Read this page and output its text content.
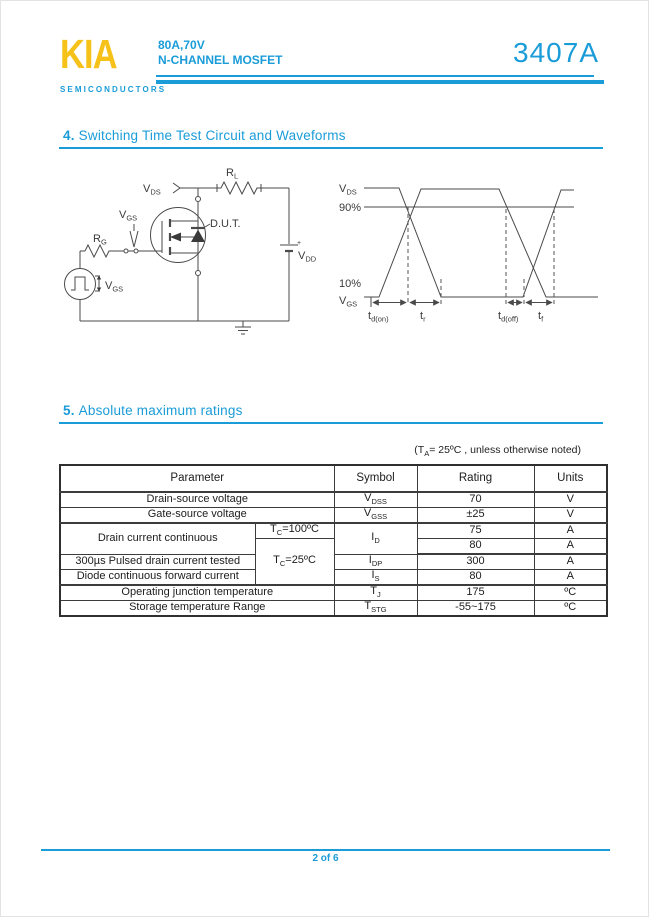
KIA
SEMICONDUCTORS
80A,70V
N-CHANNEL MOSFET	3407A
4. Switching Time Test Circuit and Waveforms
$V_{DS}$
$R_L$
+
$V_{DD}$
$V_{GS}$
$R_G$
$V_{GS}$	D.U.T.
$V_{DS}$
90%
10%
$V_{GS}$
$t_{d(on)}$	$t_r$	$t_{d(off)}$ $t_f$
5. Absolute maximum ratings
($T_A=$ 25ºC , unless otherwise noted)
Parameter		Symbol	Rating	Units
Drain-source voltage		$V_{DSS}$	70	V
Gate-source voltage		$V_{GSS}$	±25	V
Drain current continuous	$T_C=100ºC$	$I_D$	75	A
	$T_C=25ºC$		80	A
300µs Pulsed drain current tested		$I_{DP}$	300	A
Diode continuous forward current		$I_S$	80	A
Operating junction temperature		$T_J$	175	ºC
Storage temperature Range		$T_{STG}$	-55~175	ºC
2 of 6
